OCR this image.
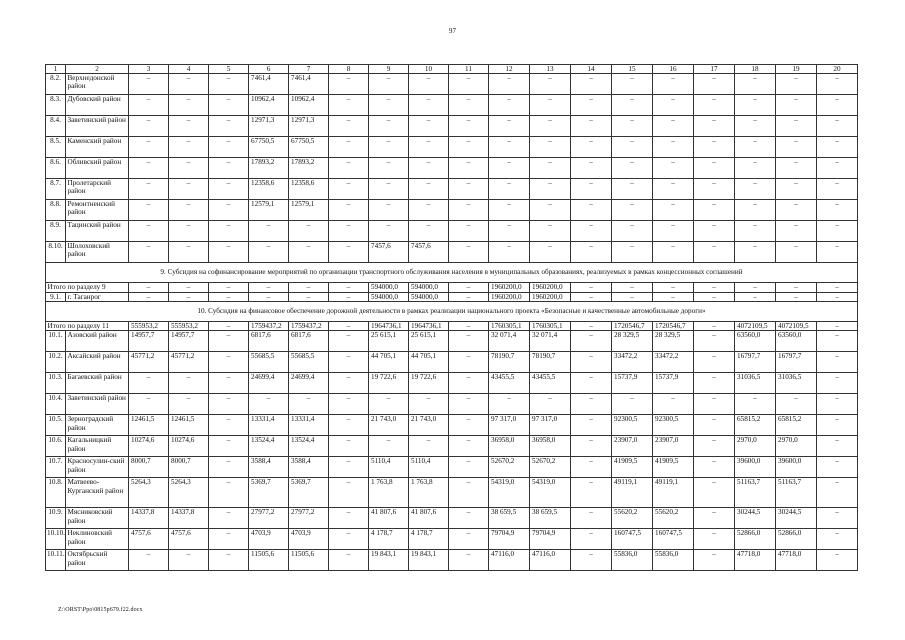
97
1	2	3	4	5	6	7	8	9	10	11	12	13	14	15	16	17	18	19	20
8.2.	Верхнедонской район	–	–	–	7461,4	7461,4	–	–	–	–	–	–	–	–	–	–	–	–	–
8.3.	Дубовский район	–	–	–	10962,4	10962,4	–	–	–	–	–	–	–	–	–	–	–	–	–
8.4.	Заветинский район	–	–	–	12971,3	12971,3	–	–	–	–	–	–	–	–	–	–	–	–	–
8.5.	Каменский район	–	–	–	67750,5	67750,5	–	–	–	–	–	–	–	–	–	–	–	–	–
8.6.	Обливский район	–	–	–	17893,2	17893,2	–	–	–	–	–	–	–	–	–	–	–	–	–
8.7.	Пролетарский район	–	–	–	12358,6	12358,6	–	–	–	–	–	–	–	–	–	–	–	–	–
8.8.	Ремонтненский район	–	–	–	12579,1	12579,1	–	–	–	–	–	–	–	–	–	–	–	–	–
8.9.	Тацинский район	–	–	–	–	–	–	–	–	–	–	–	–	–	–	–	–	–	–
8.10.	Шолоховский район	–	–	–	–	–	–	7457,6	7457,6	–	–	–	–	–	–	–	–	–	–
9. Субсидия на софинансирование мероприятий по организации транспортного обслуживания населения в муниципальных образованиях, реализуемых в рамках концессионных соглашений																			
Итого по разделу 9		–	–	–	–	–	–	594000,0	594000,0	–	1960200,0	1960200,0	–	–	–	–	–	–	–
9.1.	г. Таганрог	–	–	–	–	–	–	594000,0	594000,0	–	1960200,0	1960200,0	–	–	–	–	–	–	–
10. Субсидия на финансовое обеспечение дорожной деятельности в рамках реализации национального проекта «Безопасные и качественные автомобильные дороги»																			
Итого по разделу 11		555953,2	555953,2	–	1759437,2	1759437,2	–	1964736,1	1964736,1	–	1760305,1	1760305,1	–	1720546,7	1720546,7	–	4072109,5	4072109,5	–
10.1.	Азовский район	14957,7	14957,7	–	6817,6	6817,6	–	25 615,1	25 615,1	–	32 071,4	32 071,4	–	28 329,5	28 329,5	–	63560,0	63560,0	–
10.2.	Аксайский район	45771,2	45771,2	–	55685,5	55685,5	–	44 705,1	44 705,1	–	78190,7	78190,7	–	33472,2	33472,2	–	16797,7	16797,7	–
10.3.	Багаевский район	–	–	–	24699,4	24699,4	–	19 722,6	19 722,6	–	43455,5	43455,5	–	15737,9	15737,9	–	31036,5	31036,5	–
10.4.	Заветинский район	–	–	–	–	–	–	–	–	–	–	–	–	–	–	–	–	–	–
10.5.	Зерноградский район	12461,5	12461,5	–	13331,4	13331,4	–	21 743,0	21 743,0	–	97 317,0	97 317,0	–	92300,5	92300,5	–	65815,2	65815,2	–
10.6.	Кагальницкий район	10274,6	10274,6	–	13524,4	13524,4	–	–	–	–	36958,0	36958,0	–	23907,0	23907,0	–	2970,0	2970,0	–
10.7.	Красносулин-ский район	8000,7	8000,7	–	3588,4	3588,4	–	5110,4	5110,4	–	52670,2	52670,2	–	41909,5	41909,5	–	39600,0	39600,0	–
10.8.	Матвеево-Курганский район	5264,3	5264,3	–	5369,7	5369,7	–	1 763,8	1 763,8	–	54319,0	54319,0	–	49119,1	49119,1	–	51163,7	51163,7	–
10.9.	Мясниковский район	14337,8	14337,8	–	27977,2	27977,2	–	41 807,6	41 807,6	–	38 659,5	38 659,5	–	55620,2	55620,2	–	30244,5	30244,5	–
10.10.	Неклиновский район	4757,6	4757,6	–	4703,9	4703,9	–	4 178,7	4 178,7	–	79704,9	79704,9	–	160747,5	160747,5	–	52866,0	52866,0	–
10.11.	Октябрьский район	–	–	–	11505,6	11505,6	–	19 843,1	19 843,1	–	47116,0	47116,0	–	55836,0	55836,0	–	47718,0	47718,0	–
Z:\ORST\Ppo\0815p679.f22.docx
